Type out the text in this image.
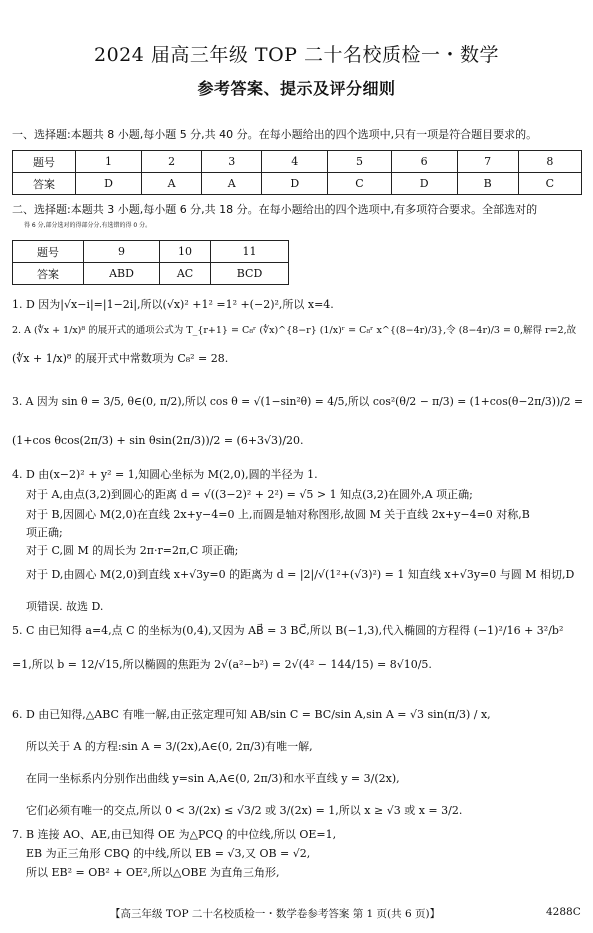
2024 届高三年级 TOP 二十名校质检一・数学
参考答案、提示及评分细则
一、选择题:本题共 8 小题,每小题 5 分,共 40 分。在每小题给出的四个选项中,只有一项是符合题目要求的。
题号	1	2	3	4	5	6	7	8
答案	D	A	A	D	C	D	B	C
二、选择题:本题共 3 小题,每小题 6 分,共 18 分。在每小题给出的四个选项中,有多项符合要求。全部选对的
得 6 分,部分选对的得部分分,有选错的得 0 分。
题号	9	10	11
答案	ABD	AC	BCD
1. D 因为|√x−i|=|1−2i|,所以(√x)² +1² =1² +(−2)²,所以 x=4.
2. A (∜x + 1/x)⁸ 的展开式的通项公式为 T_{r+1} = C₈ʳ (∜x)^{8−r} (1/x)ʳ = C₈ʳ x^{(8−4r)/3},令 (8−4r)/3 = 0,解得 r=2,故
(∜x + 1/x)⁸ 的展开式中常数项为 C₈² = 28.
3. A 因为 sin θ = 3/5, θ∈(0, π/2),所以 cos θ = √(1−sin²θ) = 4/5,所以 cos²(θ/2 − π/3) = (1+cos(θ−2π/3))/2 =
(1+cos θcos(2π/3) + sin θsin(2π/3))/2 = (6+3√3)/20.
4. D 由(x−2)² + y² = 1,知圆心坐标为 M(2,0),圆的半径为 1.
对于 A,由点(3,2)到圆心的距离 d = √((3−2)² + 2²) = √5 > 1 知点(3,2)在圆外,A 项正确;
对于 B,因圆心 M(2,0)在直线 2x+y−4=0 上,而圆是轴对称图形,故圆 M 关于直线 2x+y−4=0 对称,B
项正确;
对于 C,圆 M 的周长为 2π·r=2π,C 项正确;
对于 D,由圆心 M(2,0)到直线 x+√3y=0 的距离为 d = |2|/√(1²+(√3)²) = 1 知直线 x+√3y=0 与圆 M 相切,D
项错误. 故选 D.
5. C 由已知得 a=4,点 C 的坐标为(0,4),又因为 AB⃗ = 3 BC⃗,所以 B(−1,3),代入椭圆的方程得 (−1)²/16 + 3²/b²
=1,所以 b = 12/√15,所以椭圆的焦距为 2√(a²−b²) = 2√(4² − 144/15) = 8√10/5.
6. D 由已知得,△ABC 有唯一解,由正弦定理可知 AB/sin C = BC/sin A,sin A = √3 sin(π/3) / x,
所以关于 A 的方程:sin A = 3/(2x),A∈(0, 2π/3)有唯一解,
在同一坐标系内分别作出曲线 y=sin A,A∈(0, 2π/3)和水平直线 y = 3/(2x),
它们必须有唯一的交点,所以 0 < 3/(2x) ≤ √3/2 或 3/(2x) = 1,所以 x ≥ √3 或 x = 3/2.
7. B 连接 AO、AE,由已知得 OE 为△PCQ 的中位线,所以 OE=1,
EB 为正三角形 CBQ 的中线,所以 EB = √3,又 OB = √2,
所以 EB² = OB² + OE²,所以△OBE 为直角三角形,
【高三年级 TOP 二十名校质检一・数学卷参考答案 第 1 页(共 6 页)】	4288C
